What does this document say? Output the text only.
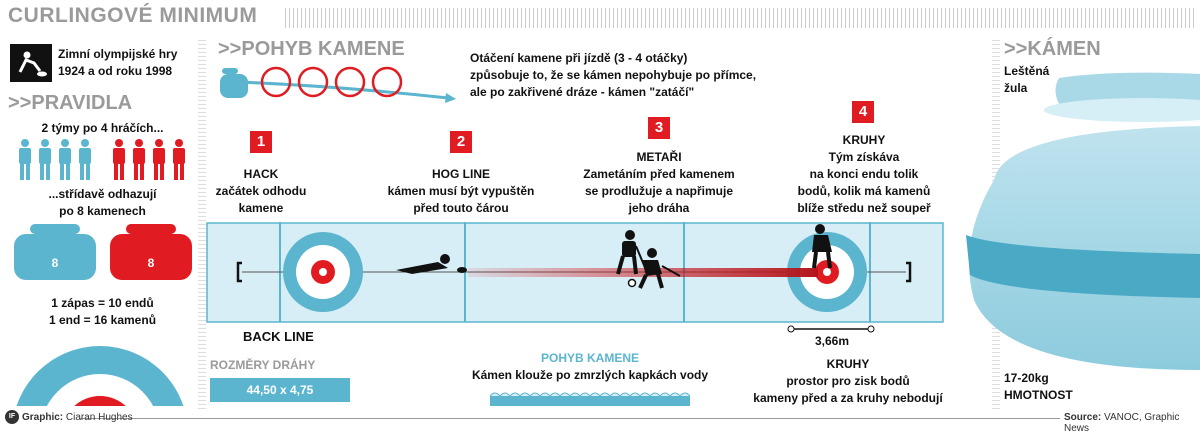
CURLINGOVÉ MINIMUM
Zimní olympijské hry
1924 a od roku 1998
>>PRAVIDLA
2 týmy po 4 hráčích...
...střídavě odhazují
po 8 kamenech
8	8
1 zápas = 10 endů
1 end = 16 kamenů
>>POHYB KAMENE	Otáčení kamene při jízdě (3 - 4 otáčky)
způsobuje to, že se kámen nepohybuje po přímce,
ale po zakřivené dráze - kámen "zatáčí"
1
HACK
začátek odhodu
kamene
2
HOG LINE
kámen musí být vypuštěn
před touto čárou
3
METAŘI
Zametáním před kamenem
se prodlužuje a napřimuje
jeho dráha
4
KRUHY
Tým získáva
na konci endu tolik
bodů, kolik má kamenů
blíže středu než soupeř
3,66m
BACK LINE
ROZMĚRY DRÁHY
44,50 x 4,75
POHYB KAMENE
Kámen klouže po zmrzlých kapkách vody
KRUHY
prostor pro zisk bodů
kameny před a za kruhy nebodují
>>KÁMEN
Leštěná
žula
17-20kg
HMOTNOST
IF Graphic: Ciaran Hughes	Source: VANOC, Graphic News
